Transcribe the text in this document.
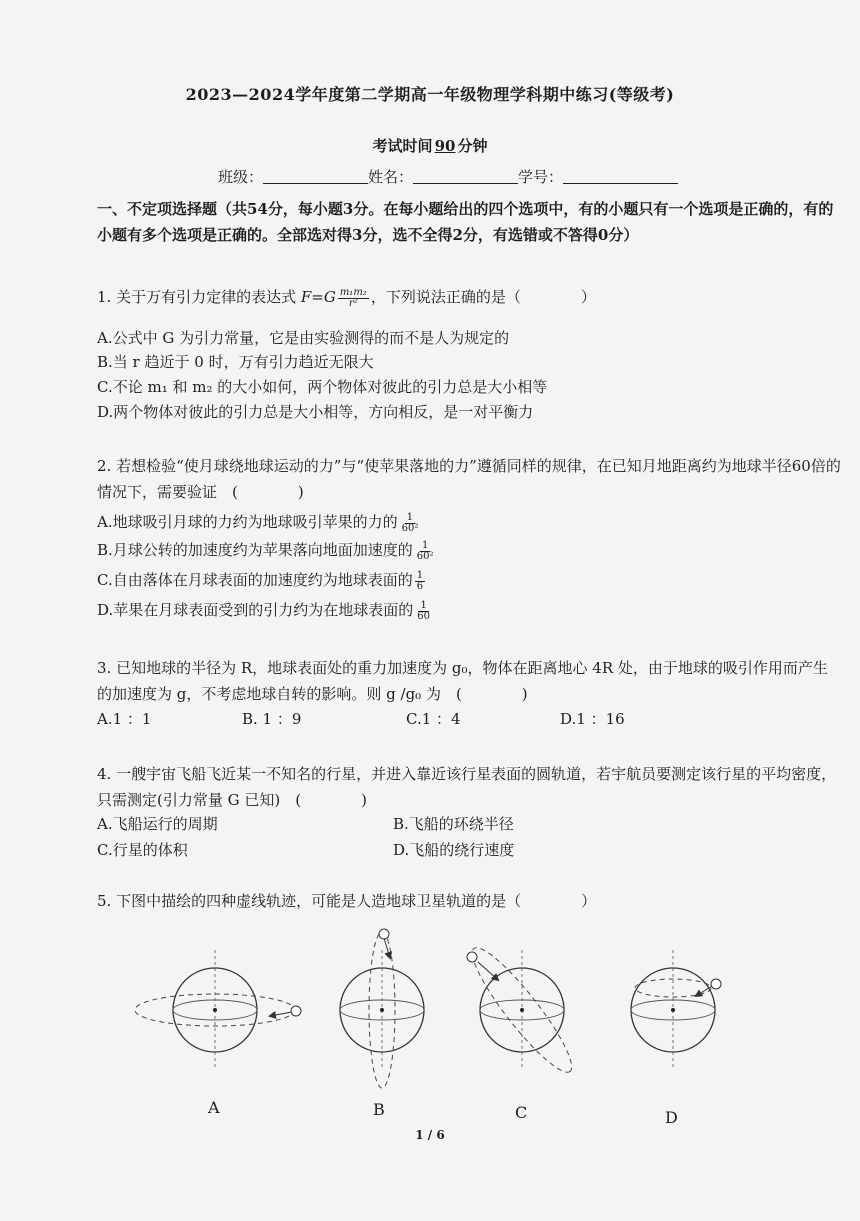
2023—2024学年度第二学期高一年级物理学科期中练习(等级考)
考试时间 90 分钟
班级：	姓名：	学号：
一、不定项选择题（共54分，每小题3分。在每小题给出的四个选项中，有的小题只有一个选项是正确的，有的小题有多个选项是正确的。全部选对得3分，选不全得2分，有选错或不答得0分）
1. 关于万有引力定律的表达式 $F=G \frac{\text{m₁m₂}}{\text{r²}}$ ，下列说法正确的是（　　　　）
A.公式中 G 为引力常量，它是由实验测得的而不是人为规定的
B.当 r 趋近于 0 时，万有引力趋近无限大
C.不论 m₁ 和 m₂ 的大小如何，两个物体对彼此的引力总是大小相等
D.两个物体对彼此的引力总是大小相等，方向相反，是一对平衡力
2. 若想检验“使月球绕地球运动的力”与“使苹果落地的力”遵循同样的规律，在已知月地距离约为地球半径60倍的情况下，需要验证　(　　　　)
A.地球吸引月球的力约为地球吸引苹果的力的 $\frac{1}{\text{60²}}$
B.月球公转的加速度约为苹果落向地面加速度的 $\frac{1}{\text{60²}}$
C.自由落体在月球表面的加速度约为地球表面的 $\frac{1}{6}$
D.苹果在月球表面受到的引力约为在地球表面的 $\frac{1}{60}$
3. 已知地球的半径为 R，地球表面处的重力加速度为 g₀，物体在距离地心 4R 处，由于地球的吸引作用而产生的加速度为 g，不考虑地球自转的影响。则 g /g₀ 为　(　　　　)
A.1 ：1	B. 1 ：9	C.1 ：4	D.1 ：16
4. 一艘宇宙飞船飞近某一不知名的行星，并进入靠近该行星表面的圆轨道，若宇航员要测定该行星的平均密度，只需测定(引力常量 G 已知)　(　　　　)
A.飞船运行的周期	B.飞船的环绕半径
C.行星的体积	D.飞船的绕行速度
5. 下图中描绘的四种虚线轨迹，可能是人造地球卫星轨道的是（　　　　）
A	B	C	D
1 / 6
